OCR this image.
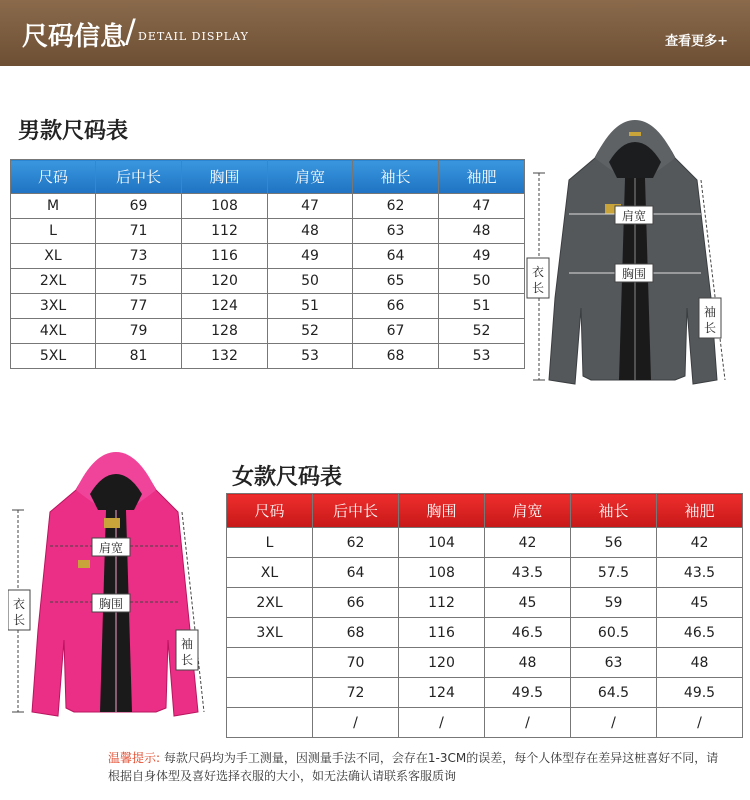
尺码信息
/ DETAIL DISPLAY	查看更多+
男款尺码表
尺码	后中长	胸围	肩宽	袖长	袖肥
M	69	108	47	62	47
L	71	112	48	63	48
XL	73	116	49	64	49
2XL	75	120	50	65	50
3XL	77	124	51	66	51
4XL	79	128	52	67	52
5XL	81	132	53	68	53
肩宽
胸围
衣
长
袖
长
肩宽
胸围
衣
长
袖
长
女款尺码表
尺码	后中长	胸围	肩宽	袖长	袖肥
L	62	104	42	56	42
XL	64	108	43.5	57.5	43.5
2XL	66	112	45	59	45
3XL	68	116	46.5	60.5	46.5
	70	120	48	63	48
	72	124	49.5	64.5	49.5
	/	/	/	/	/
温馨提示: 每款尺码均为手工测量，因测量手法不同，会存在1-3CM的误差，每个人体型存在差异这桩喜好不同，请根据自身体型及喜好选择衣服的大小，如无法确认请联系客服质询
